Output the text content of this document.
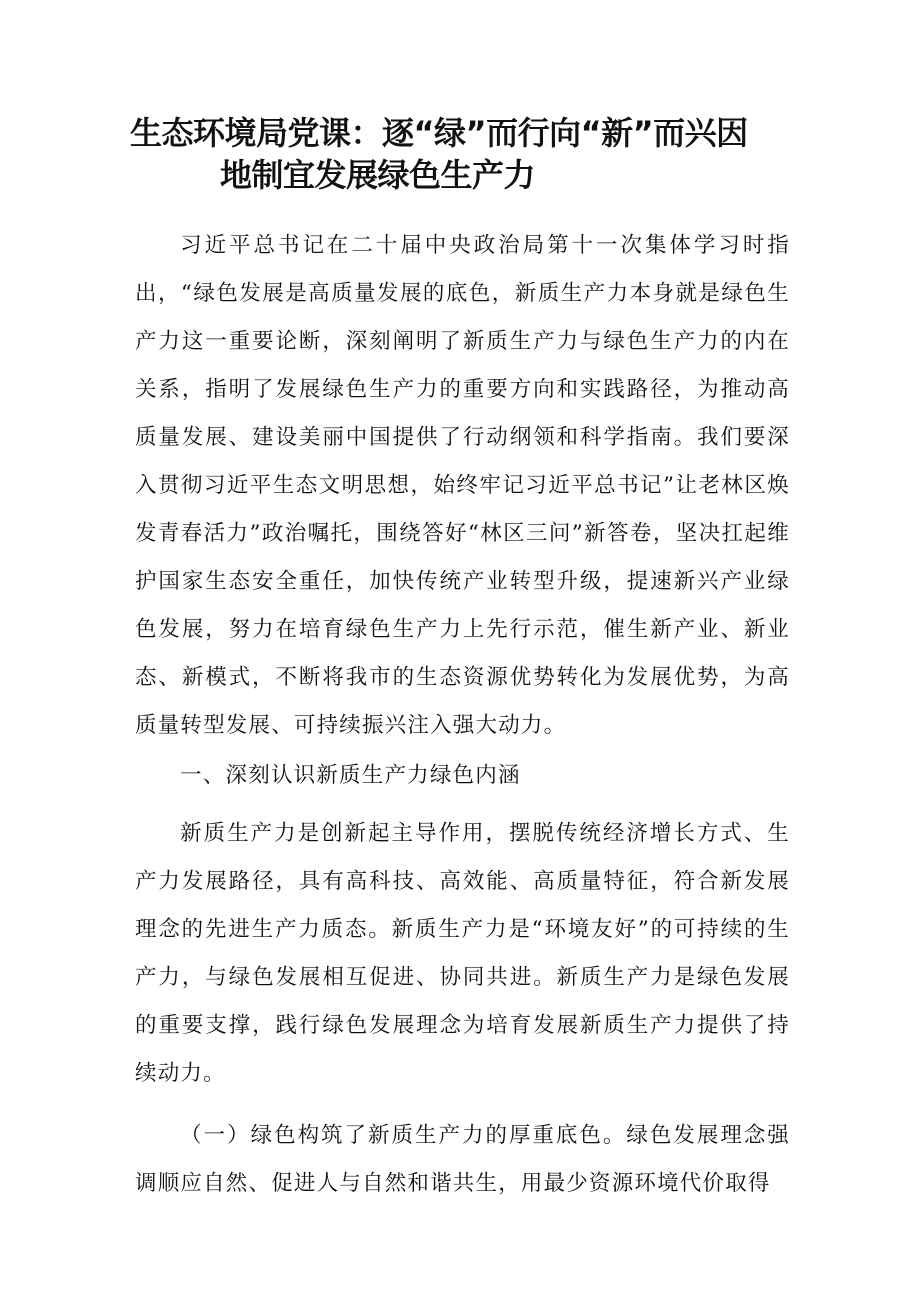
生态环境局党课：逐“绿”而行向“新”而兴因
地制宜发展绿色生产力
习近平总书记在二十届中央政治局第十一次集体学习时指出，“绿色发展是高质量发展的底色，新质生产力本身就是绿色生产力这一重要论断，深刻阐明了新质生产力与绿色生产力的内在关系，指明了发展绿色生产力的重要方向和实践路径，为推动高质量发展、建设美丽中国提供了行动纲领和科学指南。我们要深入贯彻习近平生态文明思想，始终牢记习近平总书记”让老林区焕发青春活力”政治嘱托，围绕答好“林区三问”新答卷，坚决扛起维护国家生态安全重任，加快传统产业转型升级，提速新兴产业绿色发展，努力在培育绿色生产力上先行示范，催生新产业、新业态、新模式，不断将我市的生态资源优势转化为发展优势，为高质量转型发展、可持续振兴注入强大动力。
一、深刻认识新质生产力绿色内涵
新质生产力是创新起主导作用，摆脱传统经济增长方式、生产力发展路径，具有高科技、高效能、高质量特征，符合新发展理念的先进生产力质态。新质生产力是“环境友好”的可持续的生产力，与绿色发展相互促进、协同共进。新质生产力是绿色发展的重要支撑，践行绿色发展理念为培育发展新质生产力提供了持续动力。
（一）绿色构筑了新质生产力的厚重底色。绿色发展理念强调顺应自然、促进人与自然和谐共生，用最少资源环境代价取得
